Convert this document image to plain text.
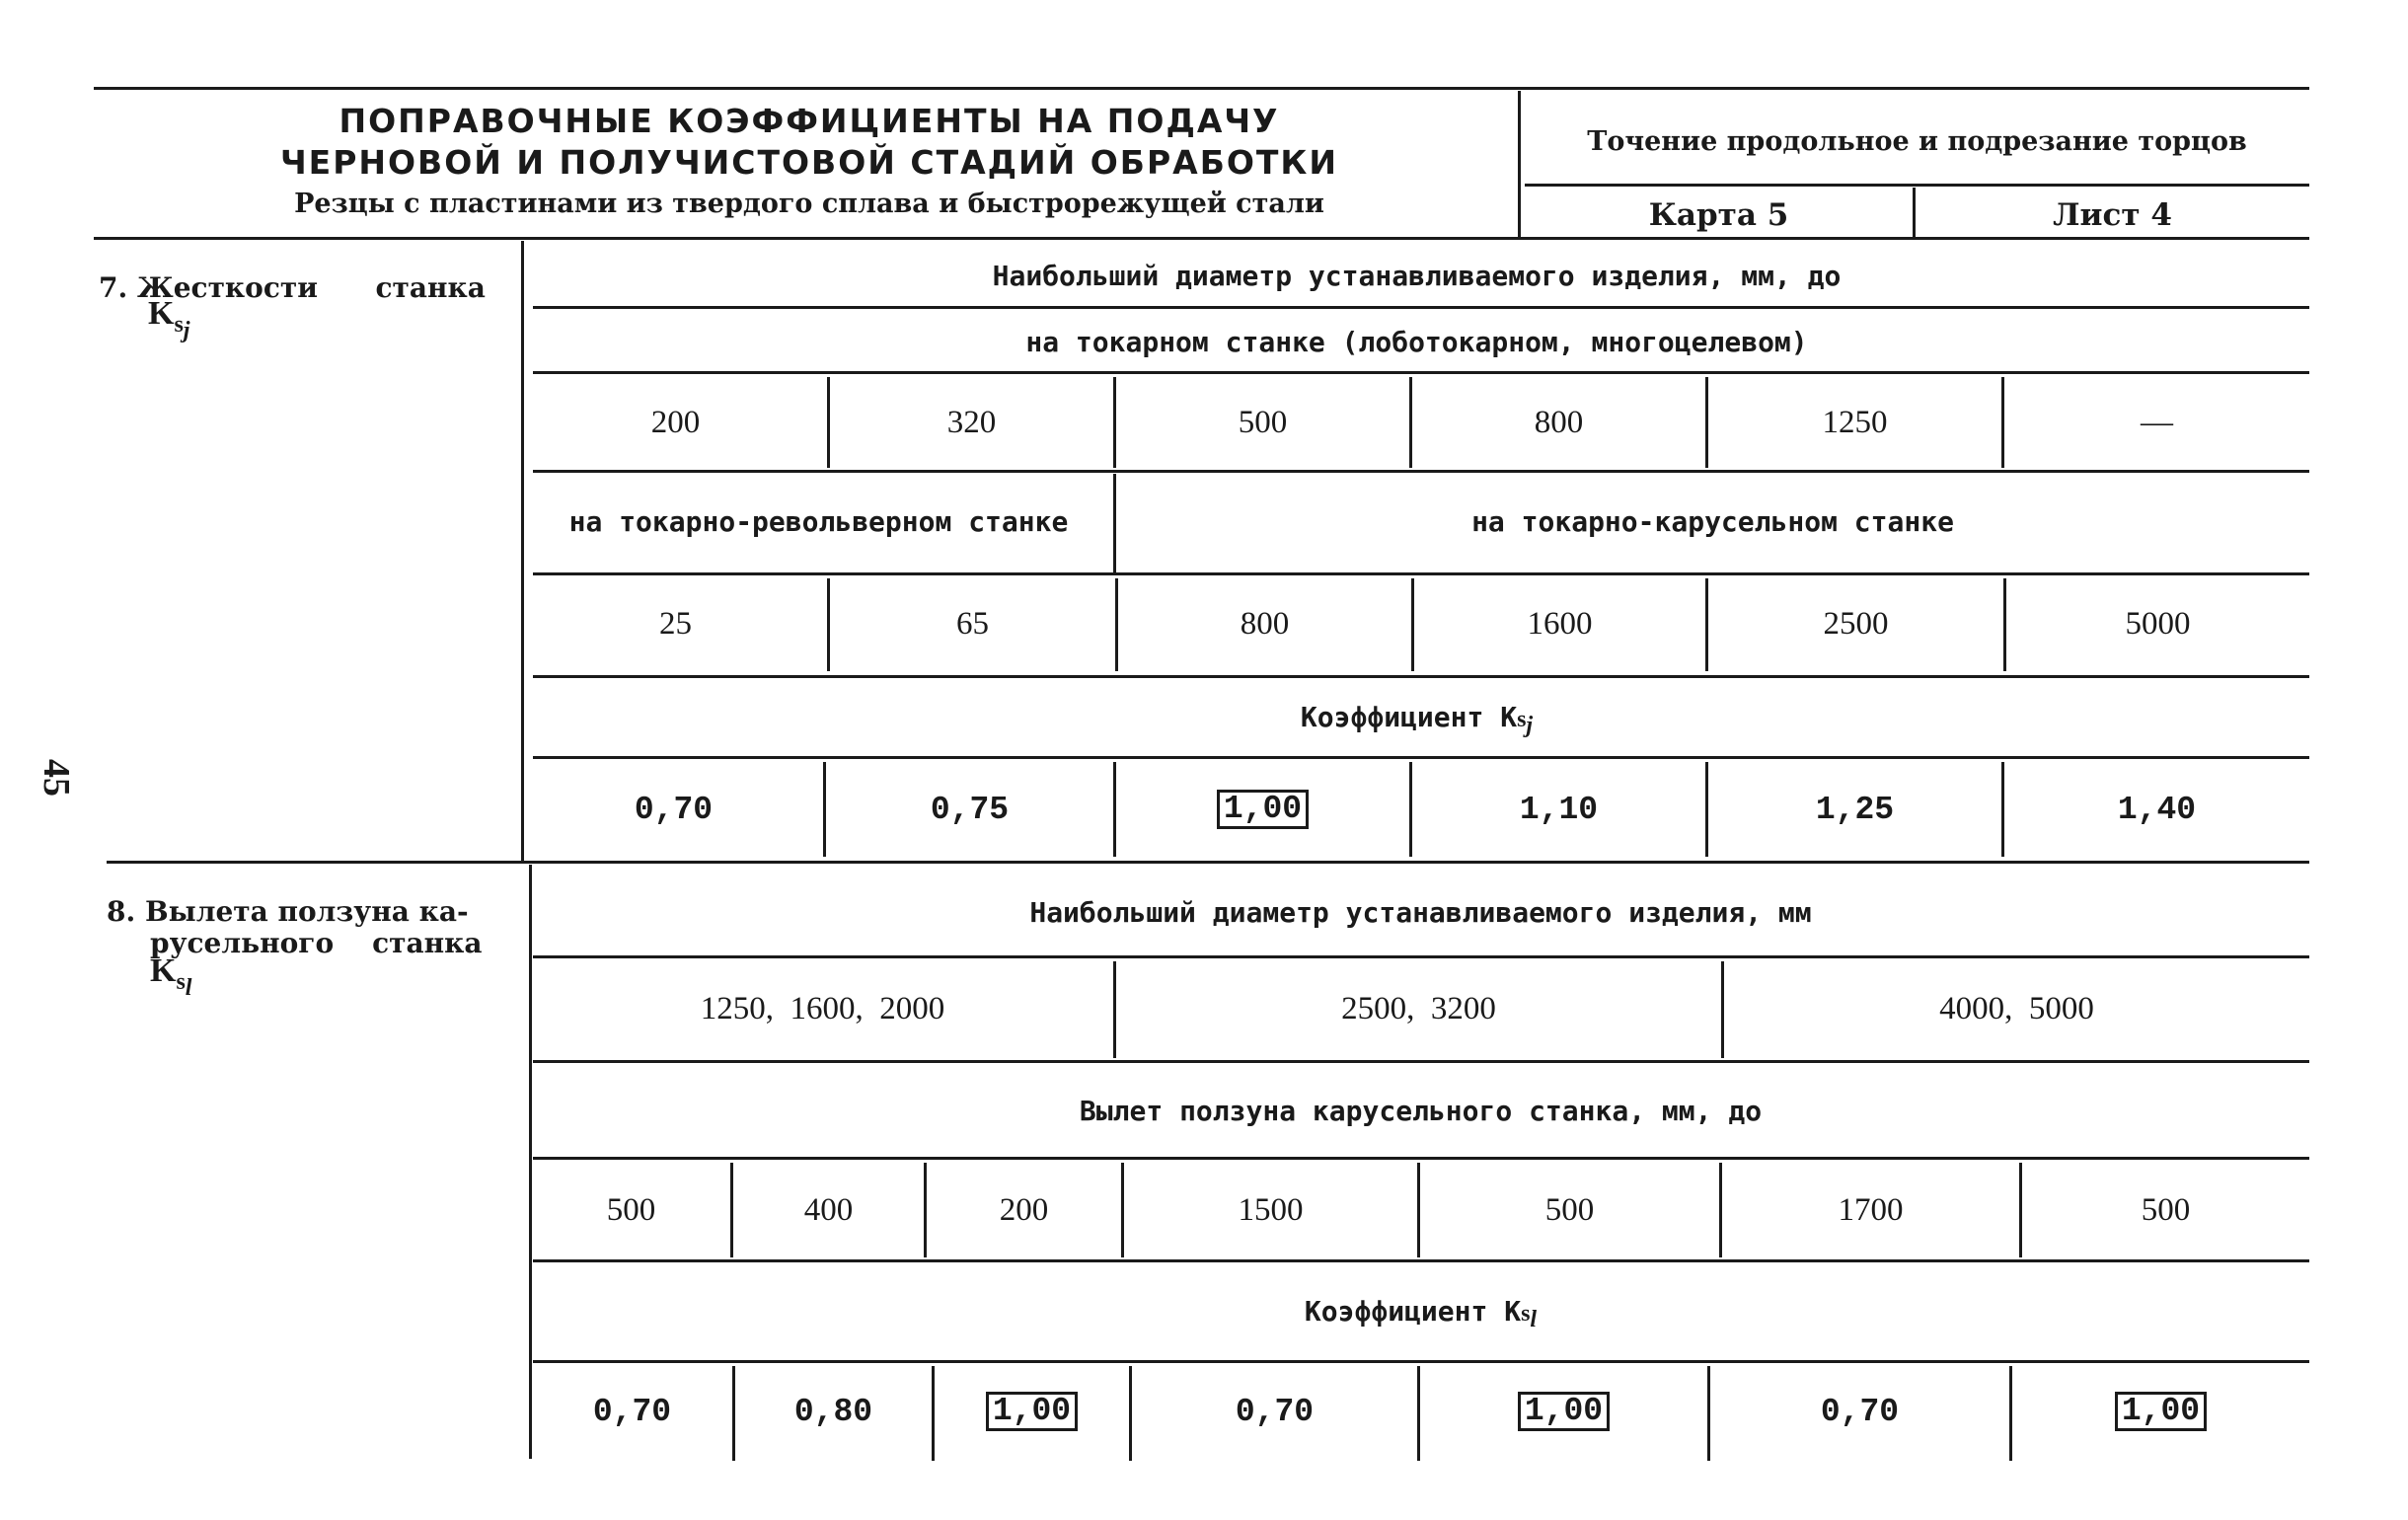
45
ПОПРАВОЧНЫЕ КОЭФФИЦИЕНТЫ НА ПОДАЧУ
ЧЕРНОВОЙ И ПОЛУЧИСТОВОЙ СТАДИЙ ОБРАБОТКИ
Резцы с пластинами из твердого сплава и быстрорежущей стали
Точение продольное и подрезание торцов
Карта 5	Лист 4
7. Жесткости      станка
$K_{s_j}$
Наибольший диаметр устанавливаемого изделия, мм, до
на токарном станке (лоботокарном, многоцелевом)
200	320	500	800	1250	—
на токарно-револьверном станке	на токарно-карусельном станке
25	65	800	1600	2500	5000
Коэффициент K $_{s_j}$
0,70	0,75	1,00	1,10	1,25	1,40
8. Вылета ползуна ка-
русельного    станка
$K_{s_l}$
Наибольший диаметр устанавливаемого изделия, мм
1250,  1600,  2000	2500,  3200	4000,  5000
Вылет ползуна карусельного станка, мм, до
500	400	200	1500	500	1700	500
Коэффициент K $_{s_l}$
0,70	0,80	1,00	0,70	1,00	0,70	1,00
